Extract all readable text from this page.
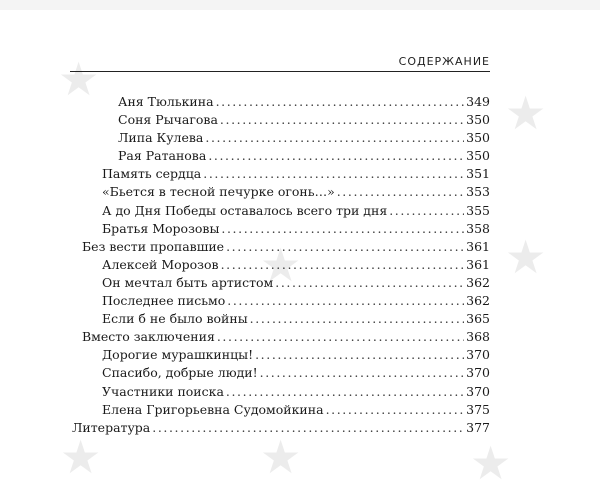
★
★
★
★
★	★	★
СОДЕРЖАНИЕ
Аня Тюлькина .....	349
Соня Рычагова .....	350
Липа Кулева .....	350
Рая Ратанова .....	350
Память сердца .....	351
«Бьется в тесной печурке огонь…» .....	353
А до Дня Победы оставалось всего три дня .....	355
Братья Морозовы .....	358
Без вести пропавшие .....	361
Алексей Морозов .....	361
Он мечтал быть артистом .....	362
Последнее письмо .....	362
Если б не было войны .....	365
Вместо заключения .....	368
Дорогие мурашкинцы! .....	370
Спасибо, добрые люди! .....	370
Участники поиска .....	370
Елена Григорьевна Судомойкина .....	375
Литература .....	377
